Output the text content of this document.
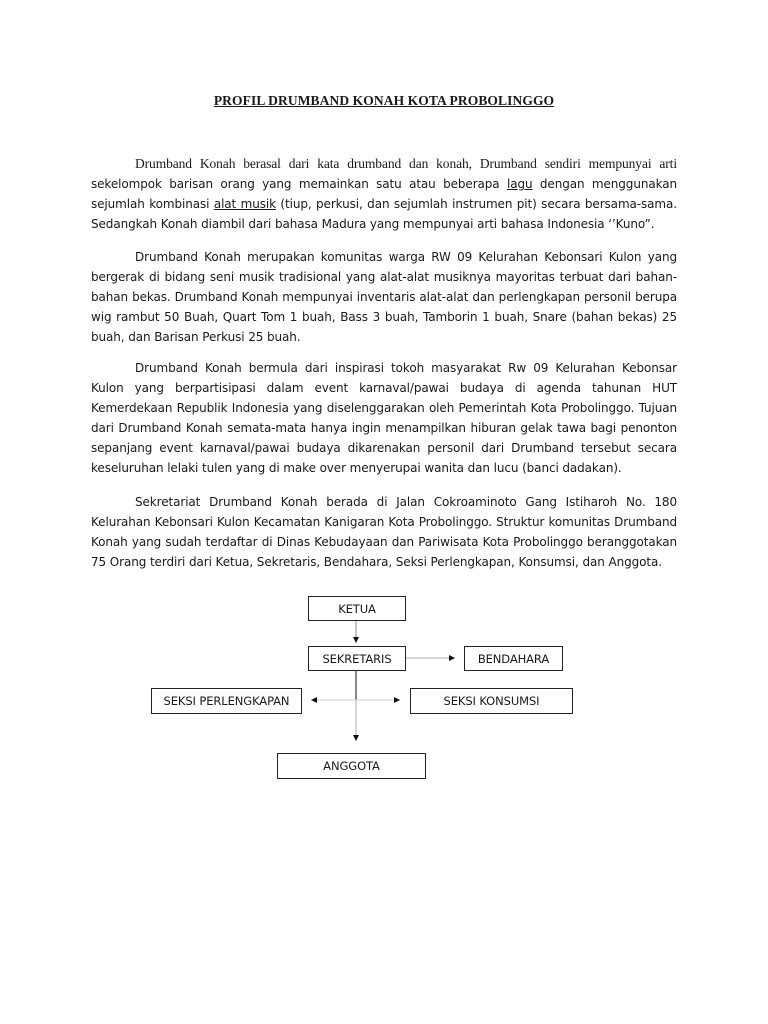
PROFIL DRUMBAND KONAH KOTA PROBOLINGGO

Drumband Konah berasal dari kata drumband dan konah, Drumband sendiri mempunyai arti sekelompok barisan orang yang memainkan satu atau beberapa lagu dengan menggunakan sejumlah kombinasi alat musik (tiup, perkusi, dan sejumlah instrumen pit) secara bersama-sama. Sedangkah Konah diambil dari bahasa Madura yang mempunyai arti bahasa Indonesia ‘’Kuno”.

Drumband Konah merupakan komunitas warga RW 09 Kelurahan Kebonsari Kulon yang bergerak di bidang seni musik tradisional yang alat-alat musiknya mayoritas terbuat dari bahan-bahan bekas. Drumband Konah mempunyai inventaris alat-alat dan perlengkapan personil berupa wig rambut 50 Buah, Quart Tom 1 buah, Bass 3 buah, Tamborin 1 buah, Snare (bahan bekas) 25 buah, dan Barisan Perkusi 25 buah.

Drumband Konah bermula dari inspirasi tokoh masyarakat Rw 09 Kelurahan Kebonsar Kulon yang berpartisipasi dalam event karnaval/pawai budaya di agenda tahunan HUT Kemerdekaan Republik Indonesia yang diselenggarakan oleh Pemerintah Kota Probolinggo. Tujuan dari Drumband Konah semata-mata hanya ingin menampilkan hiburan gelak tawa bagi penonton sepanjang event karnaval/pawai budaya dikarenakan personil dari Drumband tersebut secara keseluruhan lelaki tulen yang di make over menyerupai wanita dan lucu (banci dadakan).

Sekretariat Drumband Konah berada di Jalan Cokroaminoto Gang Istiharoh No. 180 Kelurahan Kebonsari Kulon Kecamatan Kanigaran Kota Probolinggo. Struktur komunitas Drumband Konah yang sudah terdaftar di Dinas Kebudayaan dan Pariwisata Kota Probolinggo beranggotakan 75 Orang terdiri dari Ketua, Sekretaris, Bendahara, Seksi Perlengkapan, Konsumsi, dan Anggota.

KETUA
SEKRETARIS	BENDAHARA
SEKSI PERLENGKAPAN	SEKSI KONSUMSI
ANGGOTA
